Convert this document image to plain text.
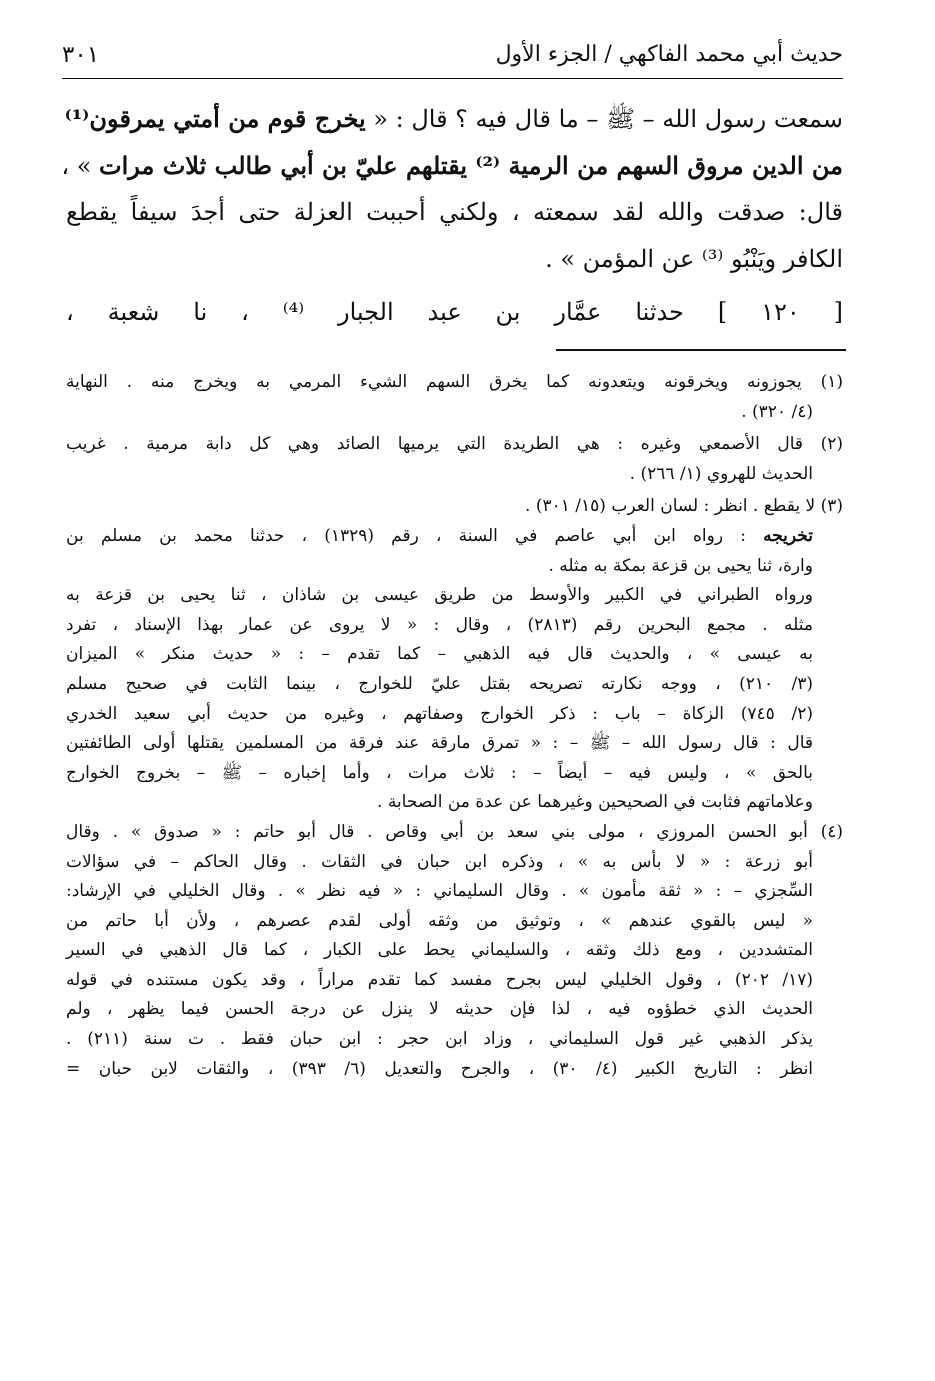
حديث أبي محمد الفاكهي / الجزء الأول
٣٠١
سمعت رسول الله – ﷺ – ما قال فيه ؟ قال : « يخرج قوم من أمتي يمرقون⁽¹⁾
من الدين مروق السهم من الرمية ⁽²⁾ يقتلهم عليّ بن أبي طالب ثلاث مرات » ،
قال: صدقت والله لقد سمعته ، ولكني أحببت العزلة حتى أجدَ سيفاً يقطع
الكافر ويَنْبُو ⁽³⁾ عن المؤمن » .
[ ١٢٠ ] حدثنا عمَّار بن عبد الجبار ⁽⁴⁾ ، نا شعبة ،
(١) يجوزونه ويخرقونه ويتعدونه كما يخرق السهم الشيء المرمي به ويخرج منه . النهاية
(٤/ ٣٢٠) .
(٢) قال الأصمعي وغيره : هي الطريدة التي يرميها الصائد وهي كل دابة مرمية . غريب
الحديث للهروي (١/ ٢٦٦) .
(٣) لا يقطع . انظر : لسان العرب (١٥/ ٣٠١) .
تخريجه : رواه ابن أبي عاصم في السنة ، رقم (١٣٢٩) ، حدثنا محمد بن مسلم بن
وارة، ثنا يحيى بن قزعة بمكة به مثله .
ورواه الطبراني في الكبير والأوسط من طريق عيسى بن شاذان ، ثنا يحيى بن قزعة به
مثله . مجمع البحرين رقم (٢٨١٣) ، وقال : « لا يروى عن عمار بهذا الإسناد ، تفرد
به عيسى » ، والحديث قال فيه الذهبي – كما تقدم – : « حديث منكر » الميزان
(٣/ ٢١٠) ، ووجه نكارته تصريحه بقتل عليّ للخوارج ، بينما الثابت في صحيح مسلم
(٢/ ٧٤٥) الزكاة – باب : ذكر الخوارج وصفاتهم ، وغيره من حديث أبي سعيد الخدري
قال : قال رسول الله – ﷺ – : « تمرق مارقة عند فرقة من المسلمين يقتلها أولى الطائفتين
بالحق » ، وليس فيه – أيضاً – : ثلاث مرات ، وأما إخباره – ﷺ – بخروج الخوارج
وعلاماتهم فثابت في الصحيحين وغيرهما عن عدة من الصحابة .
(٤) أبو الحسن المروزي ، مولى بني سعد بن أبي وقاص . قال أبو حاتم : « صدوق » . وقال
أبو زرعة : « لا بأس به » ، وذكره ابن حبان في الثقات . وقال الحاكم – في سؤالات
السِّجزي – : « ثقة مأمون » . وقال السليماني : « فيه نظر » . وقال الخليلي في الإرشاد:
« ليس بالقوي عندهم » ، وتوثيق من وثقه أولى لقدم عصرهم ، ولأن أبا حاتم من
المتشددين ، ومع ذلك وثقه ، والسليماني يحط على الكبار ، كما قال الذهبي في السير
(١٧/ ٢٠٢) ، وقول الخليلي ليس بجرح مفسد كما تقدم مراراً ، وقد يكون مستنده في قوله
الحديث الذي خطؤوه فيه ، لذا فإن حديثه لا ينزل عن درجة الحسن فيما يظهر ، ولم
يذكر الذهبي غير قول السليماني ، وزاد ابن حجر : ابن حبان فقط . ت سنة (٢١١) .
انظر : التاريخ الكبير (٤/ ٣٠) ، والجرح والتعديل (٦/ ٣٩٣) ، والثقات لابن حبان =
